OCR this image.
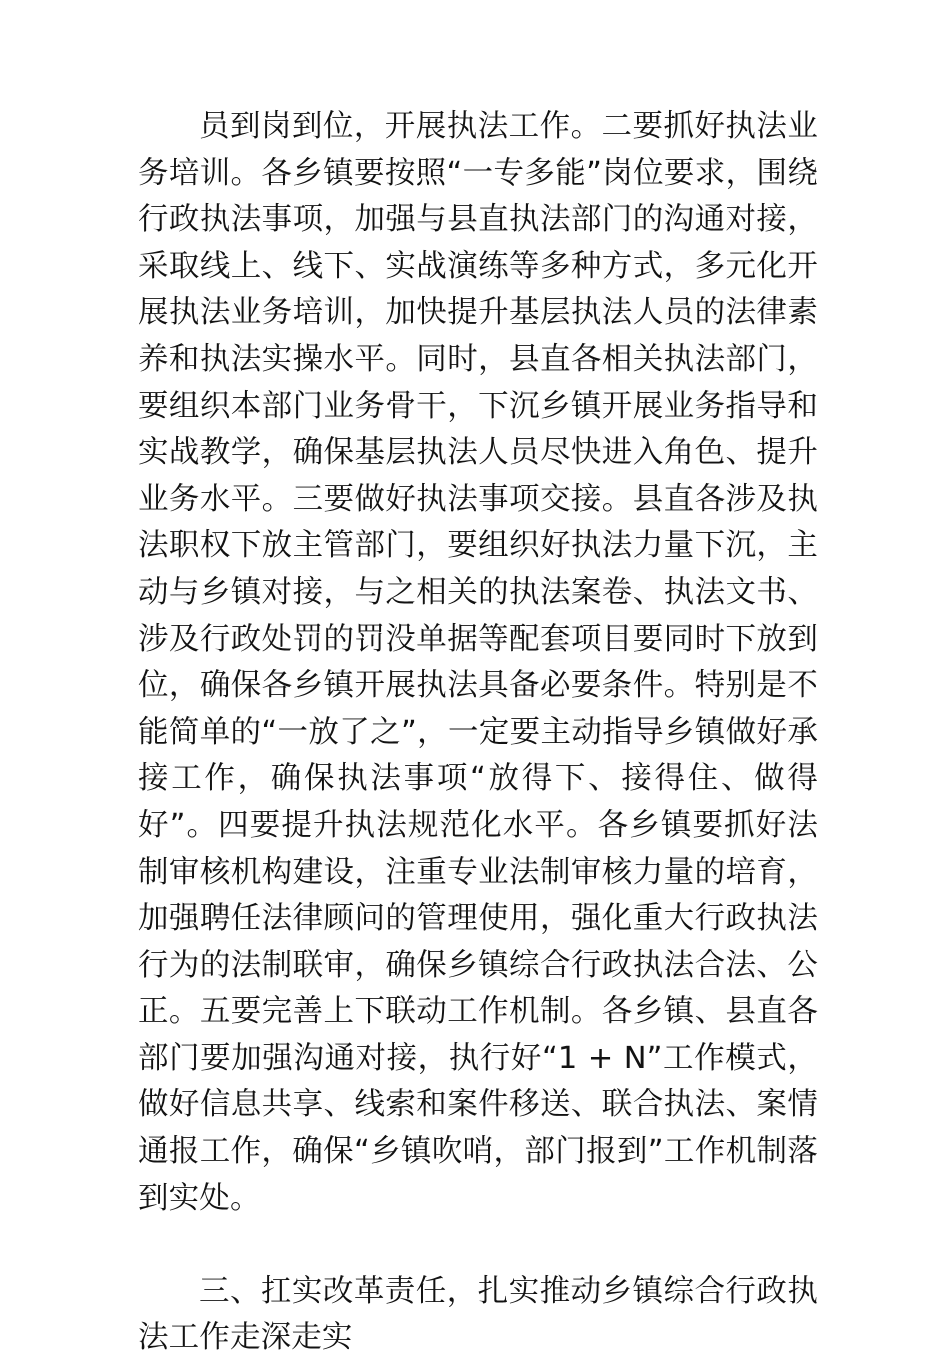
员到岗到位，开展执法工作。二要抓好执法业务培训。各乡镇要按照“一专多能”岗位要求，围绕行政执法事项，加强与县直执法部门的沟通对接，采取线上、线下、实战演练等多种方式，多元化开展执法业务培训，加快提升基层执法人员的法律素养和执法实操水平。同时，县直各相关执法部门，要组织本部门业务骨干，下沉乡镇开展业务指导和实战教学，确保基层执法人员尽快进入角色、提升业务水平。三要做好执法事项交接。县直各涉及执法职权下放主管部门，要组织好执法力量下沉，主动与乡镇对接，与之相关的执法案卷、执法文书、涉及行政处罚的罚没单据等配套项目要同时下放到位，确保各乡镇开展执法具备必要条件。特别是不能简单的“一放了之”，一定要主动指导乡镇做好承接工作，确保执法事项“放得下、接得住、做得好”。四要提升执法规范化水平。各乡镇要抓好法制审核机构建设，注重专业法制审核力量的培育，加强聘任法律顾问的管理使用，强化重大行政执法行为的法制联审，确保乡镇综合行政执法合法、公正。五要完善上下联动工作机制。各乡镇、县直各部门要加强沟通对接，执行好“1 + N”工作模式，做好信息共享、线索和案件移送、联合执法、案情通报工作，确保“乡镇吹哨，部门报到”工作机制落到实处。

三、扛实改革责任，扎实推动乡镇综合行政执法工作走深走实
